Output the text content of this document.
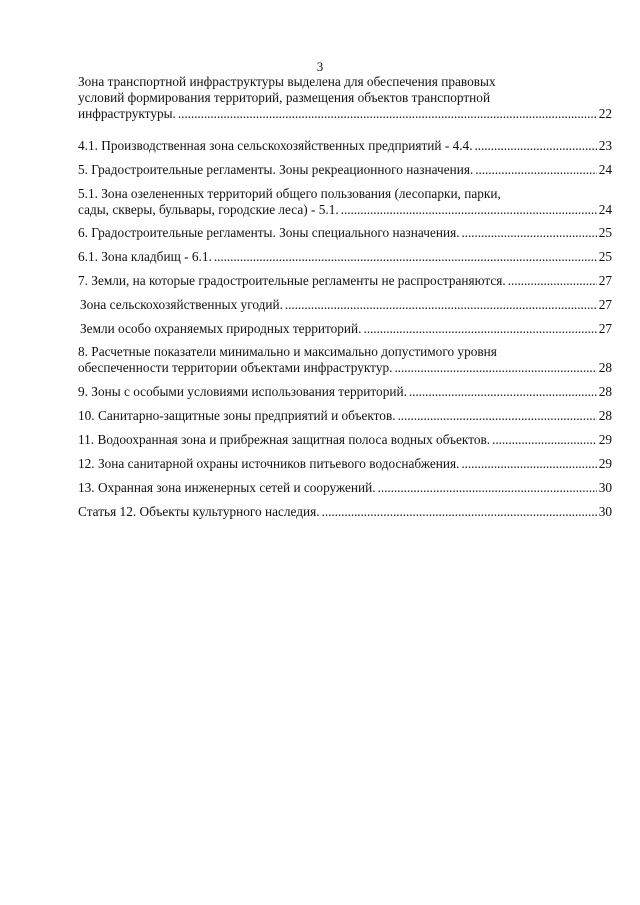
3
Зона транспортной инфраструктуры выделена для обеспечения правовых
условий формирования территорий, размещения объектов транспортной
инфраструктуры. . . .	22
4.1. Производственная зона сельскохозяйственных предприятий - 4.4. . . .	23
5. Градостроительные регламенты. Зоны рекреационного назначения. . . .	24
5.1. Зона озелененных территорий общего пользования (лесопарки, парки,
сады, скверы, бульвары, городские леса) - 5.1. . . .	24
6. Градостроительные регламенты. Зоны специального назначения. . . .	25
6.1. Зона кладбищ - 6.1. . . .	25
7. Земли, на которые градостроительные регламенты не распространяются. . . .	27
Зона сельскохозяйственных угодий. . . .	27
Земли особо охраняемых природных территорий. . . .	27
8. Расчетные показатели минимально и максимально допустимого уровня
обеспеченности территории объектами инфраструктур. . . .	28
9. Зоны с особыми условиями использования территорий. . . .	28
10. Санитарно-защитные зоны предприятий и объектов. . . .	28
11. Водоохранная зона и прибрежная защитная полоса водных объектов. . . .	29
12. Зона санитарной охраны источников питьевого водоснабжения. . . .	29
13. Охранная зона инженерных сетей и сооружений. . . .	30
Статья 12. Объекты культурного наследия. . . .	30
